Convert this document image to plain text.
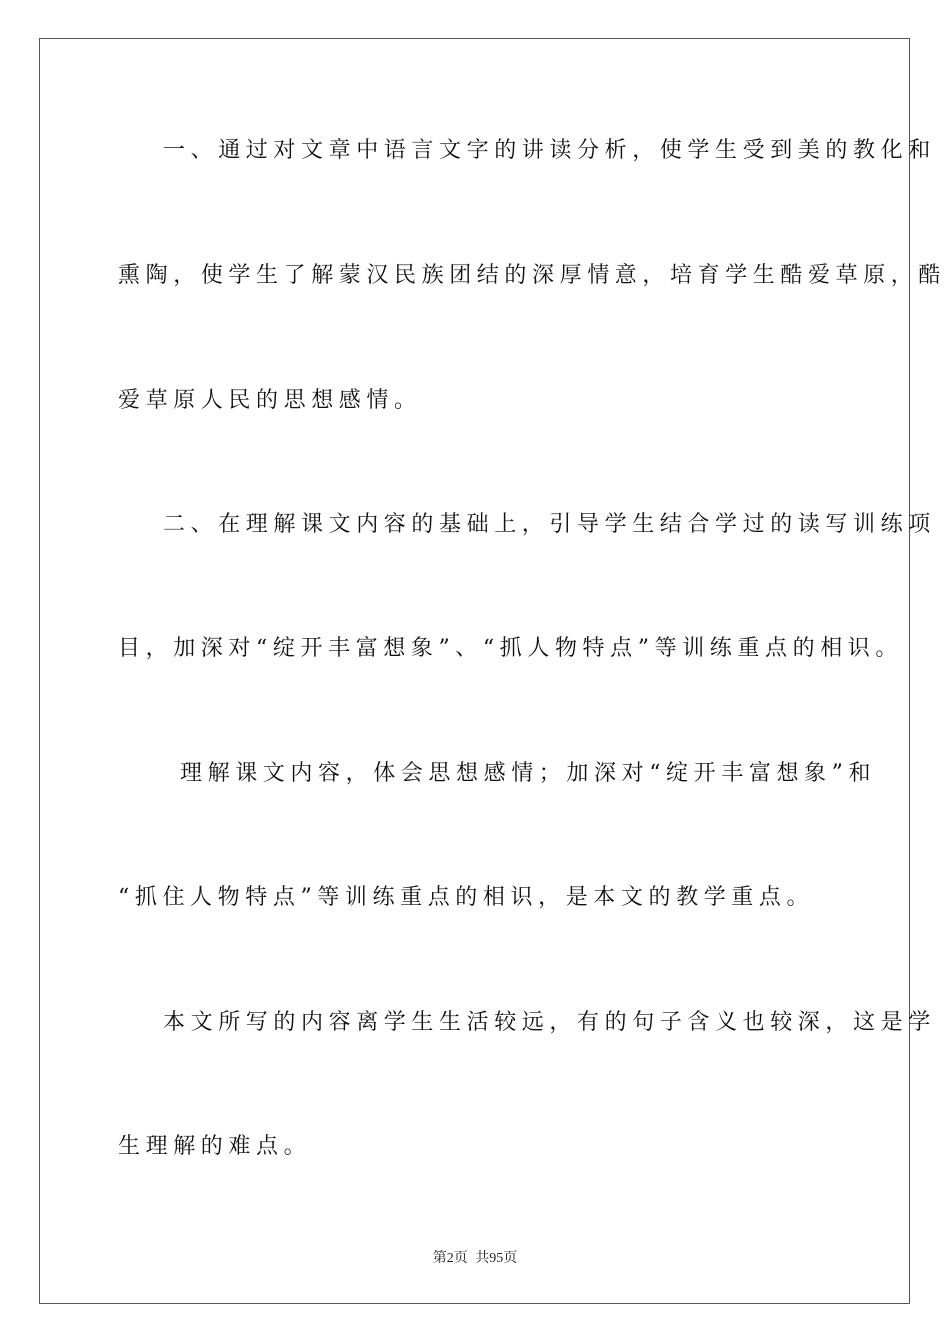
一、通过对文章中语言文字的讲读分析，使学生受到美的教化和
熏陶，使学生了解蒙汉民族团结的深厚情意，培育学生酷爱草原，酷
爱草原人民的思想感情。
二、在理解课文内容的基础上，引导学生结合学过的读写训练项
目，加深对“绽开丰富想象”、“抓人物特点”等训练重点的相识。
理解课文内容，体会思想感情；加深对“绽开丰富想象”和
“抓住人物特点”等训练重点的相识，是本文的教学重点。
本文所写的内容离学生生活较远，有的句子含义也较深，这是学
生理解的难点。
第2页 共95页
